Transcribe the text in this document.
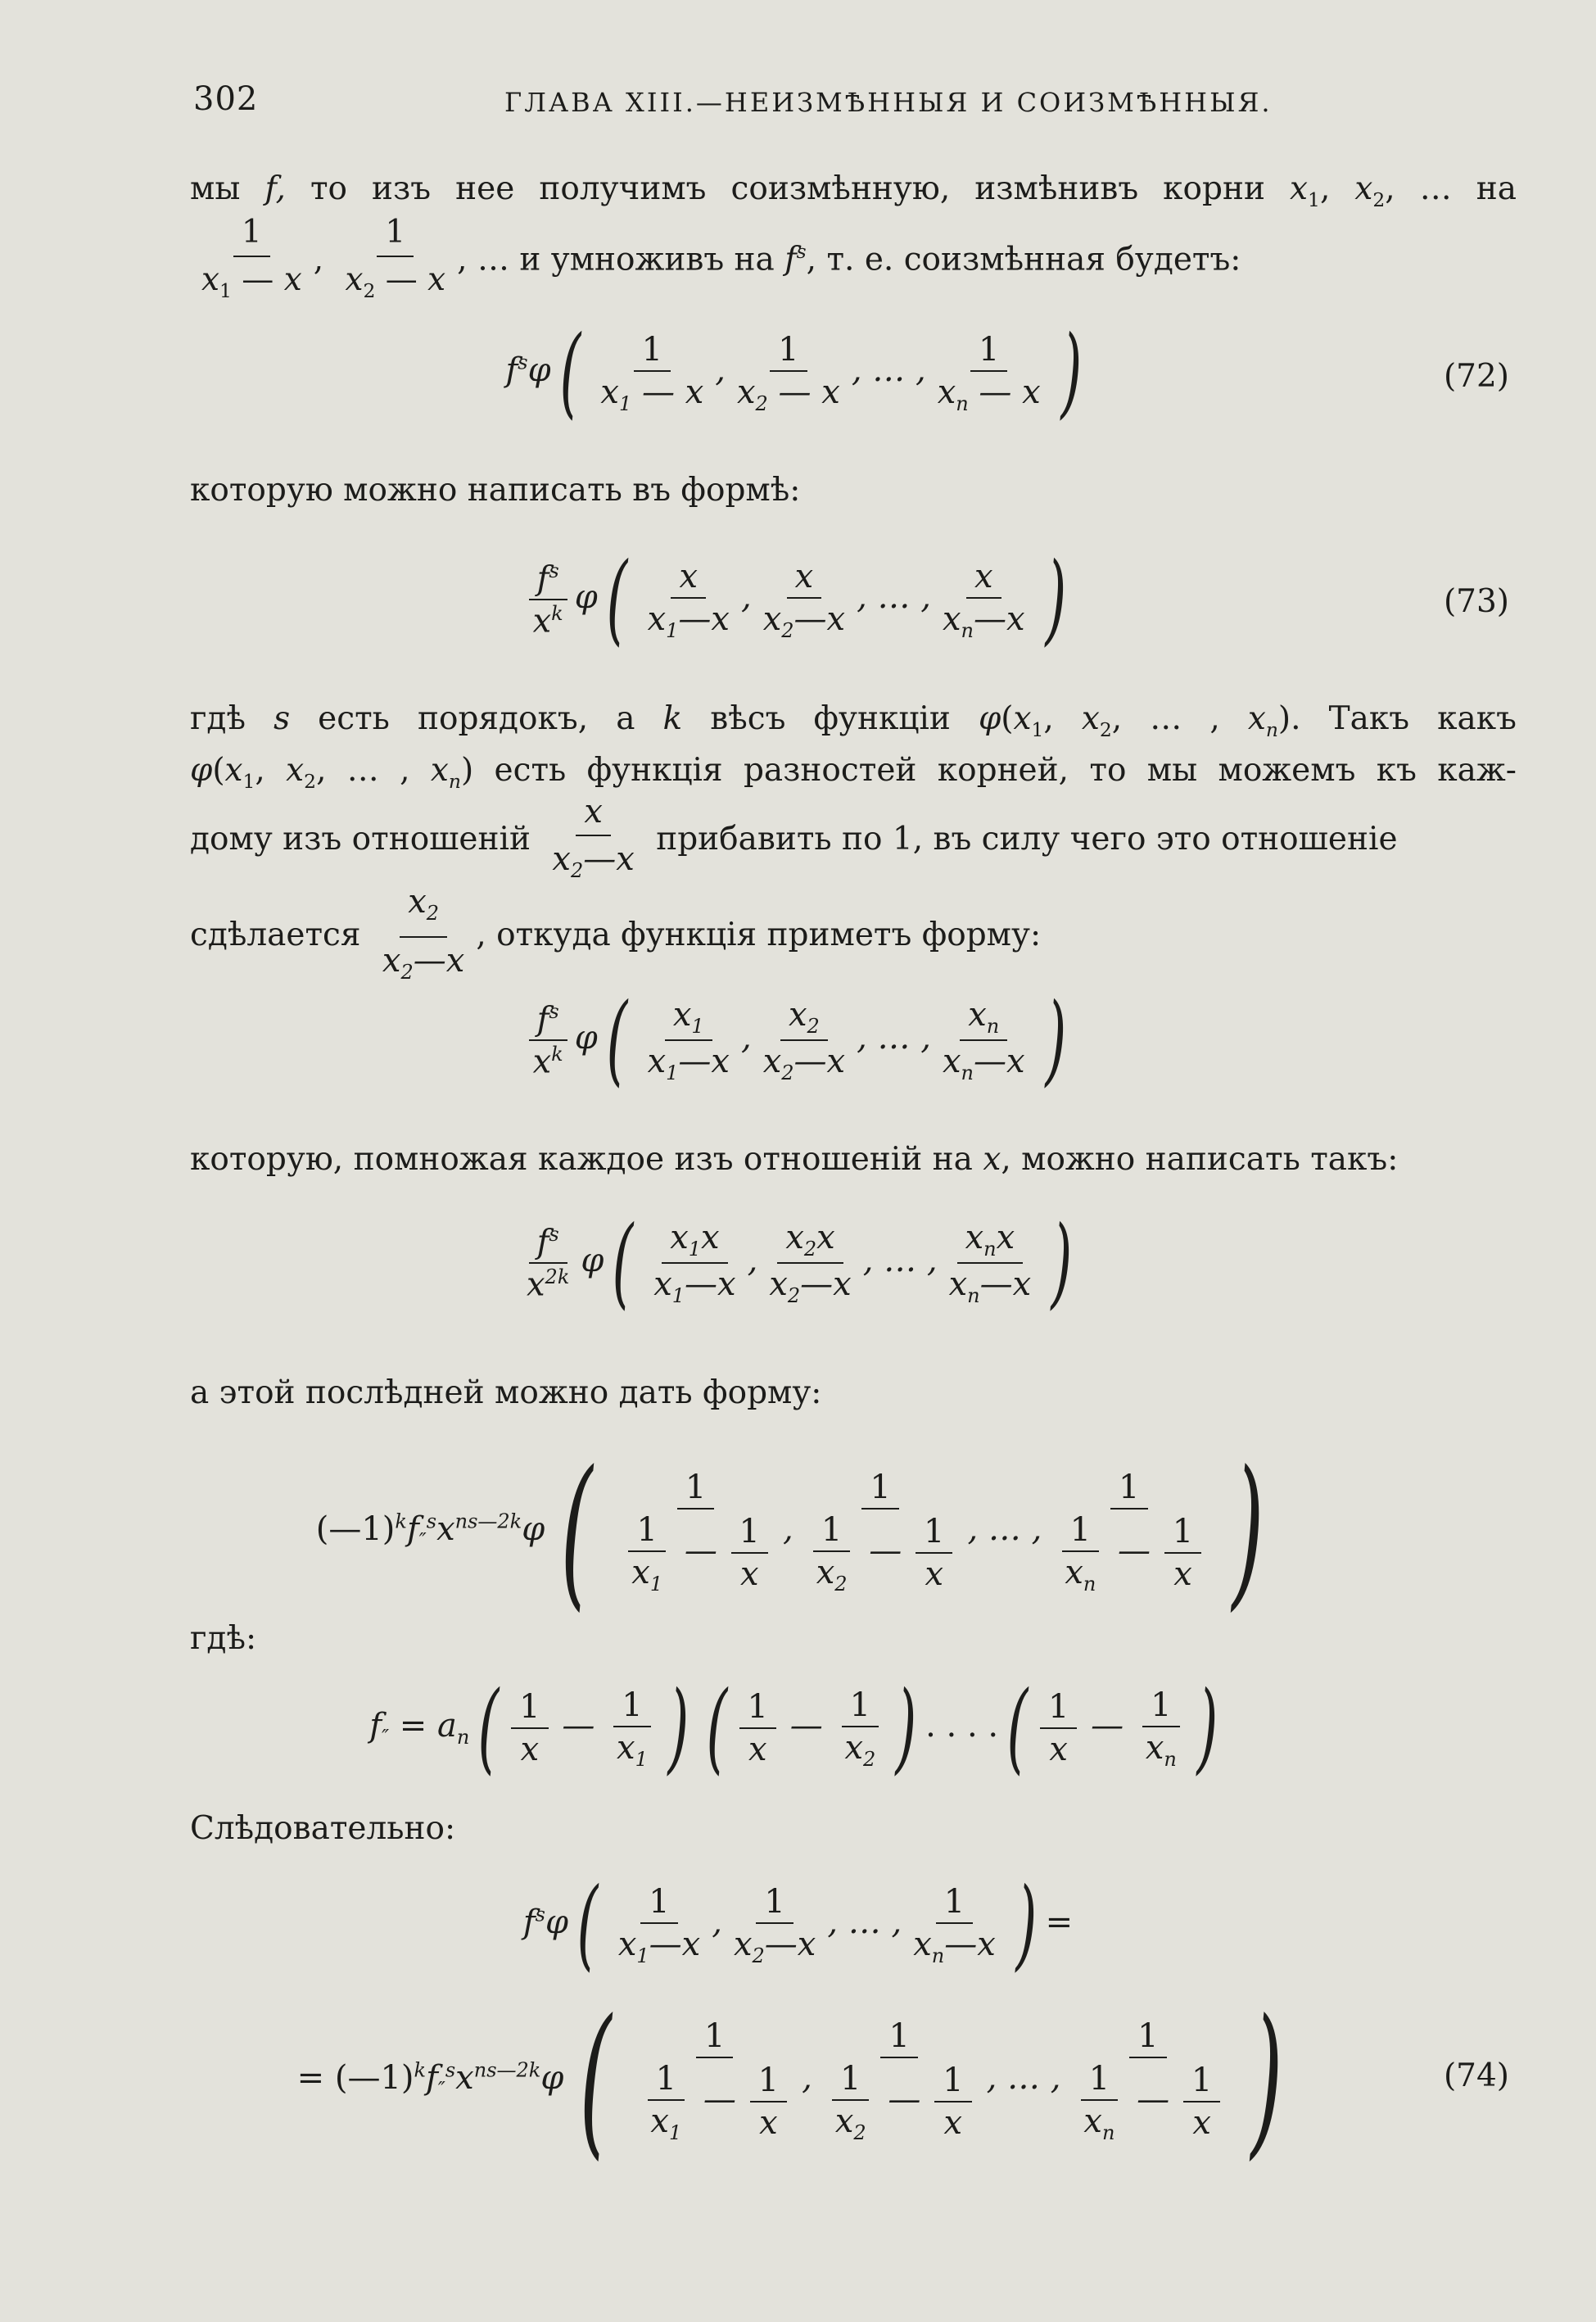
302	ГЛАВА XIII.—НЕИЗМѢННЫЯ И СОИЗМѢННЫЯ.
мы f, то изъ нее получимъ соизмѣнную, измѣнивъ корни $x_1$, $x_2$, … на
$\frac{1}{x_1 — x}$ , $\frac{1}{x_2 — x}$ , … и умноживъ на $f^s$, т. е. соизмѣнная будетъ:
$f^s\varphi( \frac{1}{x_1 — x}$ , $\frac{1}{x_2 — x}$ , … , $\frac{1}{x_n — x}$ )	(72)
которую можно написать въ формѣ:
$\frac{f^s}{x^k} \varphi( \frac{x}{x_1—x}$ , $\frac{x}{x_2—x}$ , … , $\frac{x}{x_n—x}$ )	(73)
гдѣ s есть порядокъ, а k вѣсъ функціи $\varphi(x_1$, $x_2$, … , $x_n$). Такъ какъ
$\varphi(x_1$, $x_2$, … , $x_n$) есть функція разностей корней, то мы можемъ къ каж-
дому изъ отношеній $\frac{x}{x_2—x}$ прибавить по 1, въ силу чего это отношеніе
сдѣлается $\frac{x_2}{x_2—x}$ , откуда функція приметъ форму:
$\frac{f^s}{x^k} \varphi( \frac{x_1}{x_1—x}$ , $\frac{x_2}{x_2—x}$ , … , $\frac{x_n}{x_n—x}$ )
которую, помножая каждое изъ отношеній на x, можно написать такъ:
$\frac{f^s}{x^{2k}} \varphi( \frac{x_1x}{x_1—x}$ , $\frac{x_2x}{x_2—x}$ , … , $\frac{x_nx}{x_n—x}$ )
а этой послѣдней можно дать форму:
$(—1)^kf''^sx^{ns—2k}\varphi( \frac{1}{\frac{1}{x_1} — \frac{1}{x}}$ , $\frac{1}{\frac{1}{x_2} — \frac{1}{x}}$ , … , $\frac{1}{\frac{1}{x_n} — \frac{1}{x}}$ )
гдѣ:
$f'' = a_n( \frac{1}{x}$ — $\frac{1}{x_1}$ ) ( $\frac{1}{x}$ — $\frac{1}{x_2}$ ) . . . .( $\frac{1}{x}$ — $\frac{1}{x_n}$ )
Слѣдовательно:
$f^s\varphi( \frac{1}{x_1—x}$ , $\frac{1}{x_2—x}$ , … , $\frac{1}{x_n—x}$ ) =
= $(—1)^kf''^sx^{ns—2k}\varphi( \frac{1}{\frac{1}{x_1} — \frac{1}{x}}$ , $\frac{1}{\frac{1}{x_2} — \frac{1}{x}}$ , … , $\frac{1}{\frac{1}{x_n} — \frac{1}{x}}$ )	(74)
